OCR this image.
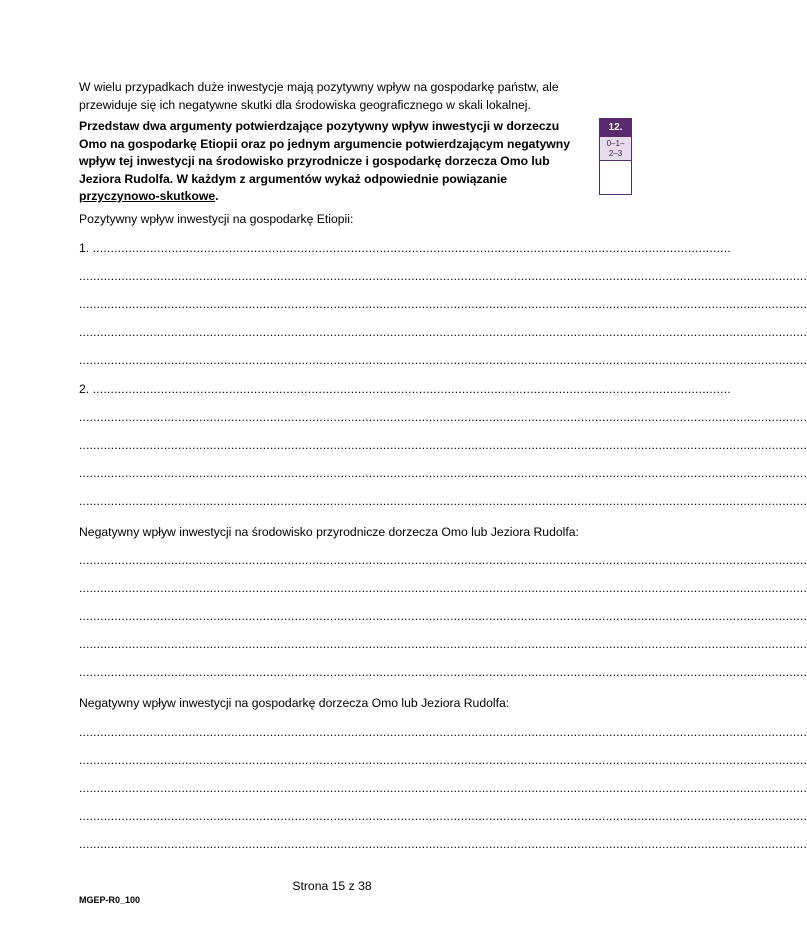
W wielu przypadkach duże inwestycje mają pozytywny wpływ na gospodarkę państw, ale przewiduje się ich negatywne skutki dla środowiska geograficznego w skali lokalnej.

Przedstaw dwa argumenty potwierdzające pozytywny wpływ inwestycji w dorzeczu Omo na gospodarkę Etiopii oraz po jednym argumencie potwierdzającym negatywny wpływ tej inwestycji na środowisko przyrodnicze i gospodarkę dorzecza Omo lub Jeziora Rudolfa. W każdym z argumentów wykaż odpowiednie powiązanie przyczynowo-skutkowe.

12.
0–1–
2–3
Pozytywny wpływ inwestycji na gospodarkę Etiopii:
1. ..................................................................................................................................................................................
..............................................................................................................................................................................................................
..............................................................................................................................................................................................................
..............................................................................................................................................................................................................
..............................................................................................................................................................................................................
2. ..................................................................................................................................................................................
..............................................................................................................................................................................................................
..............................................................................................................................................................................................................
..............................................................................................................................................................................................................
..............................................................................................................................................................................................................
Negatywny wpływ inwestycji na środowisko przyrodnicze dorzecza Omo lub Jeziora Rudolfa:
..............................................................................................................................................................................................................
..............................................................................................................................................................................................................
..............................................................................................................................................................................................................
..............................................................................................................................................................................................................
..............................................................................................................................................................................................................
Negatywny wpływ inwestycji na gospodarkę dorzecza Omo lub Jeziora Rudolfa:
..............................................................................................................................................................................................................
..............................................................................................................................................................................................................
..............................................................................................................................................................................................................
..............................................................................................................................................................................................................
..............................................................................................................................................................................................................
Strona 15 z 38
MGEP-R0_100
